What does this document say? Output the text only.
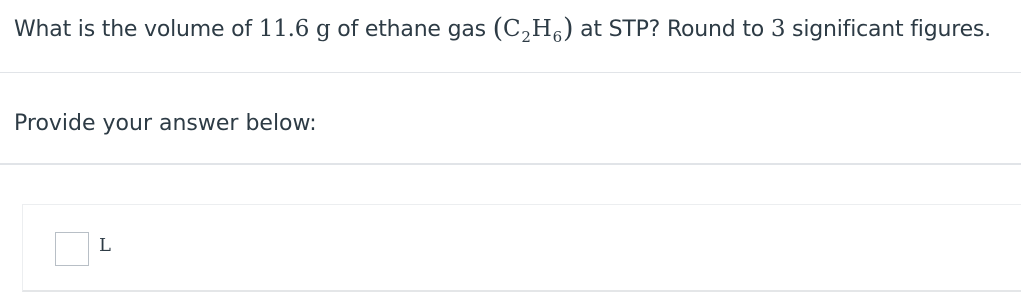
What is the volume of 11.6 g of ethane gas $(C_2H_6)$ at STP? Round to 3 significant figures.
Provide your answer below:
L
